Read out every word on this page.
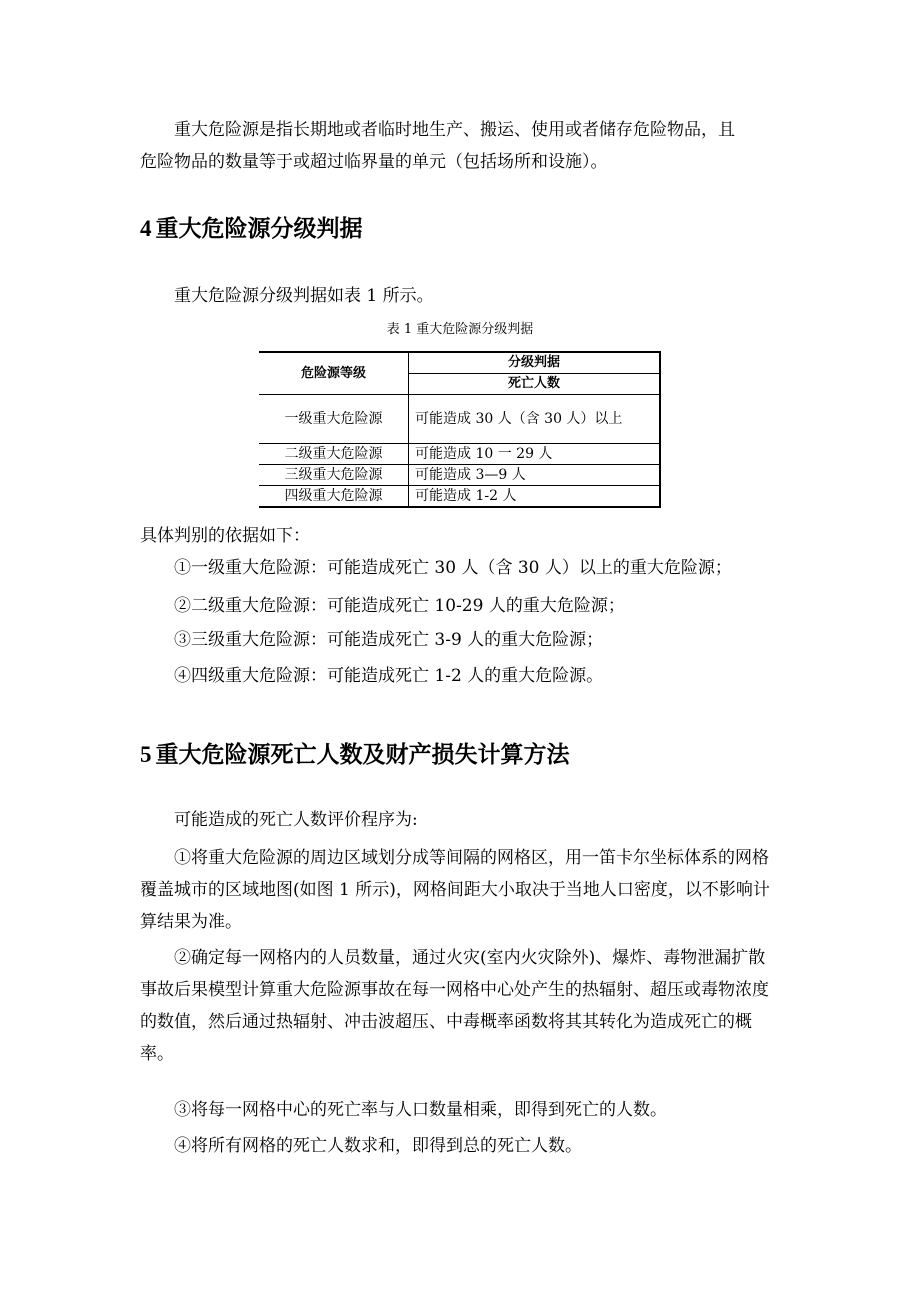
重大危险源是指长期地或者临时地生产、搬运、使用或者储存危险物品，且
危险物品的数量等于或超过临界量的单元（包括场所和设施）。

4 重大危险源分级判据

重大危险源分级判据如表 1 所示。

表 1 重大危险源分级判据

危险源等级	分级判据
	死亡人数
一级重大危险源	可能造成 30 人（含 30 人）以上
二级重大危险源	可能造成 10 一 29 人
三级重大危险源	可能造成 3—9 人
四级重大危险源	可能造成 1-2 人

具体判别的依据如下：

①一级重大危险源：可能造成死亡 30 人（含 30 人）以上的重大危险源；

②二级重大危险源：可能造成死亡 10-29 人的重大危险源；

③三级重大危险源：可能造成死亡 3-9 人的重大危险源；

④四级重大危险源：可能造成死亡 1-2 人的重大危险源。

5 重大危险源死亡人数及财产损失计算方法

可能造成的死亡人数评价程序为:

①将重大危险源的周边区域划分成等间隔的网格区，用一笛卡尔坐标体系的网格覆盖城市的区域地图(如图 1 所示)，网格间距大小取决于当地人口密度，以不影响计算结果为准。

②确定每一网格内的人员数量，通过火灾(室内火灾除外)、爆炸、毒物泄漏扩散事故后果模型计算重大危险源事故在每一网格中心处产生的热辐射、超压或毒物浓度的数值，然后通过热辐射、冲击波超压、中毒概率函数将其其转化为造成死亡的概率。

③将每一网格中心的死亡率与人口数量相乘，即得到死亡的人数。

④将所有网格的死亡人数求和，即得到总的死亡人数。
